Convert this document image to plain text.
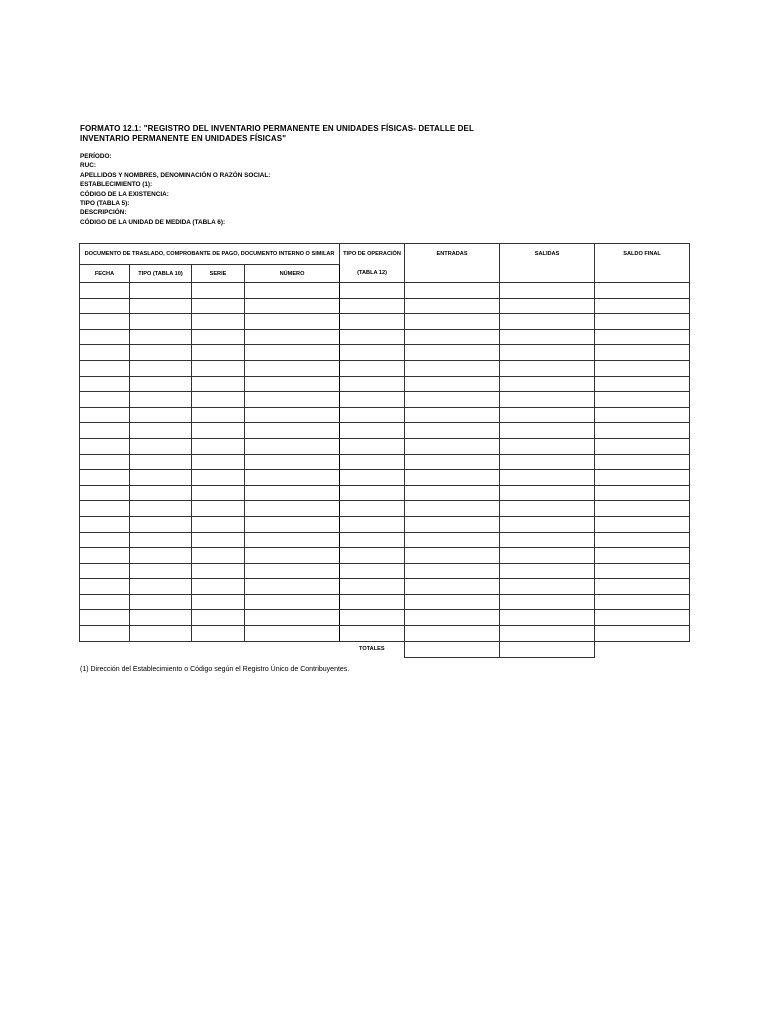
FORMATO 12.1: "REGISTRO DEL INVENTARIO PERMANENTE EN UNIDADES FÍSICAS- DETALLE DEL INVENTARIO PERMANENTE EN UNIDADES FÍSICAS"
PERÍODO:
RUC:
APELLIDOS Y NOMBRES, DENOMINACIÓN O RAZÓN SOCIAL:
ESTABLECIMIENTO (1):
CÓDIGO DE LA EXISTENCIA:
TIPO (TABLA 5):
DESCRIPCIÓN:
CÓDIGO DE LA UNIDAD DE MEDIDA (TABLA 6):
DOCUMENTO DE TRASLADO, COMPROBANTE DE PAGO, DOCUMENTO INTERNO O SIMILAR				TIPO DE OPERACIÓN	ENTRADAS	SALIDAS	SALDO FINAL
FECHA	TIPO (TABLA 10)	SERIE	NÚMERO	(TABLA 12)			

				TOTALES			

(1) Dirección del Establecimiento o Código según el Registro Único de Contribuyentes.
